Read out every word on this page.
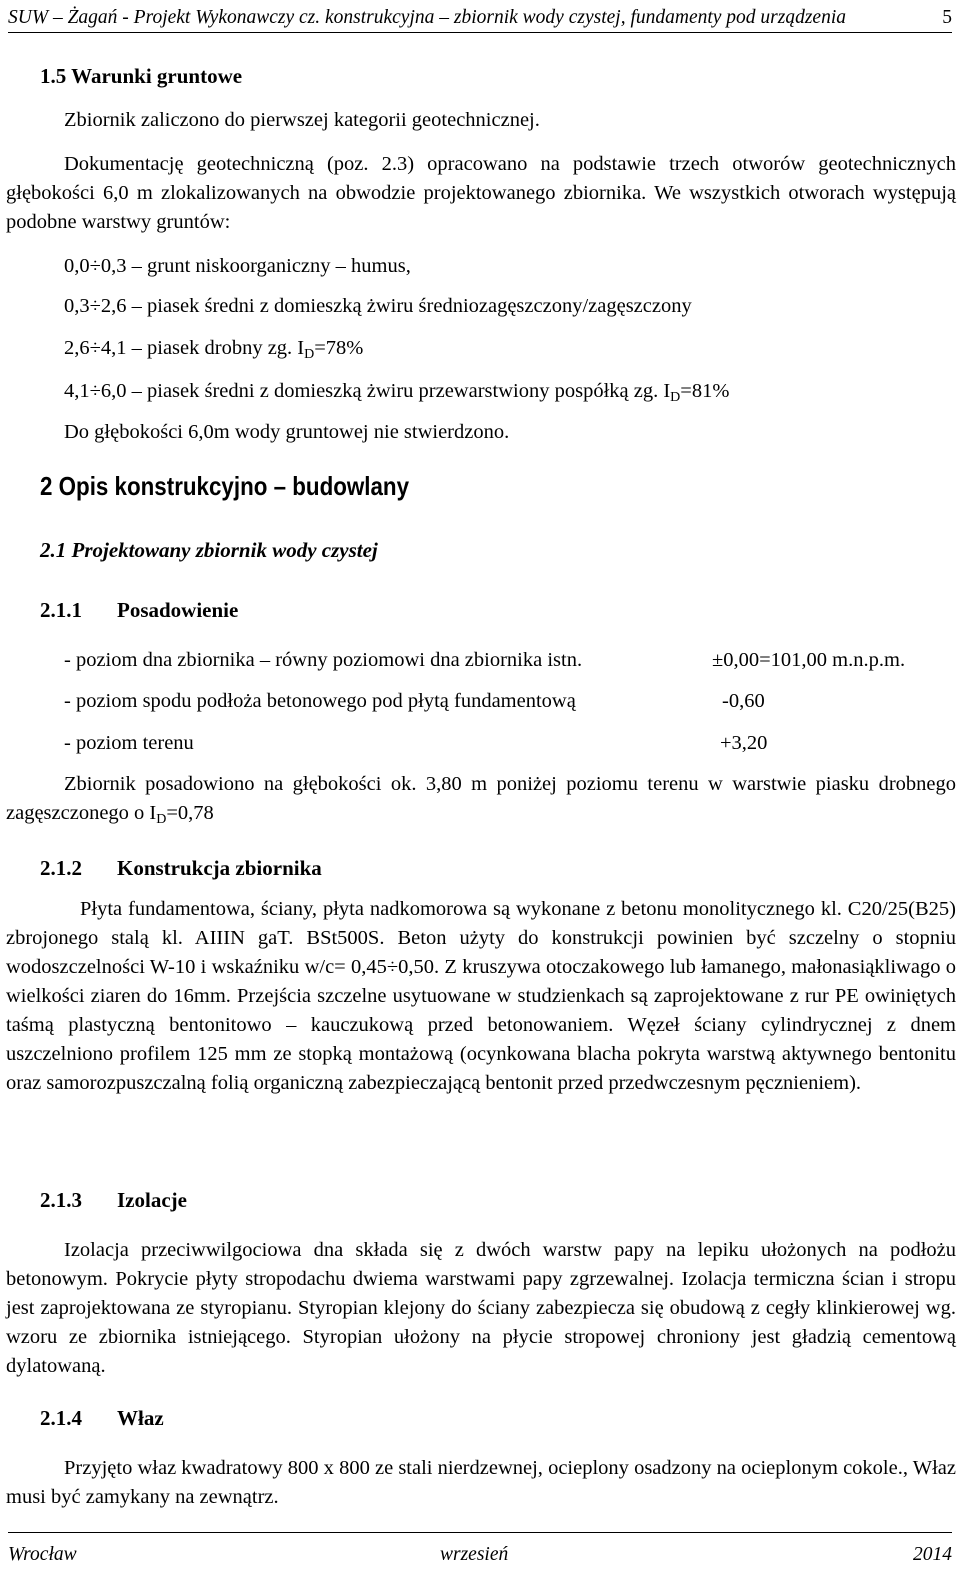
SUW – Żagań - Projekt Wykonawczy cz. konstrukcyjna – zbiornik wody czystej, fundamenty pod urządzenia	5
1.5 Warunki gruntowe
Zbiornik zaliczono do pierwszej kategorii geotechnicznej.
Dokumentację geotechniczną (poz. 2.3) opracowano na podstawie trzech otworów geotechnicznych głębokości 6,0 m zlokalizowanych na obwodzie projektowanego zbiornika. We wszystkich otworach występują podobne warstwy gruntów:
0,0÷0,3 – grunt niskoorganiczny – humus,
0,3÷2,6 – piasek średni z domieszką żwiru średniozagęszczony/zagęszczony
2,6÷4,1 – piasek drobny zg. ID=78%
4,1÷6,0 – piasek średni z domieszką żwiru przewarstwiony pospółką zg. ID=81%
Do głębokości 6,0m wody gruntowej nie stwierdzono.
2 Opis konstrukcyjno – budowlany
2.1 Projektowany zbiornik wody czystej
2.1.1 Posadowienie
- poziom dna zbiornika – równy poziomowi dna zbiornika istn.	±0,00=101,00 m.n.p.m.
- poziom spodu podłoża betonowego pod płytą fundamentową	-0,60
- poziom terenu	+3,20
Zbiornik posadowiono na głębokości ok. 3,80 m poniżej poziomu terenu w warstwie piasku drobnego zagęszczonego o $I_D=0,78$
2.1.2 Konstrukcja zbiornika
Płyta fundamentowa, ściany, płyta nadkomorowa są wykonane z betonu monolitycznego kl. C20/25(B25) zbrojonego stalą kl. AIIIN gaT. BSt500S. Beton użyty do konstrukcji powinien być szczelny o stopniu wodoszczelności W-10 i wskaźniku w/c= 0,45÷0,50. Z kruszywa otoczakowego lub łamanego, małonasiąkliwago o wielkości ziaren do 16mm. Przejścia szczelne usytuowane w studzienkach są zaprojektowane z rur PE owiniętych taśmą plastyczną bentonitowo – kauczukową przed betonowaniem. Węzeł ściany cylindrycznej z dnem uszczelniono profilem 125 mm ze stopką montażową (ocynkowana blacha pokryta warstwą aktywnego bentonitu oraz samorozpuszczalną folią organiczną zabezpieczającą bentonit przed przedwczesnym pęcznieniem).
2.1.3 Izolacje
Izolacja przeciwwilgociowa dna składa się z dwóch warstw papy na lepiku ułożonych na podłożu betonowym. Pokrycie płyty stropodachu dwiema warstwami papy zgrzewalnej. Izolacja termiczna ścian i stropu jest zaprojektowana ze styropianu. Styropian klejony do ściany zabezpiecza się obudową z cegły klinkierowej wg. wzoru ze zbiornika istniejącego. Styropian ułożony na płycie stropowej chroniony jest gładzią cementową dylatowaną.
2.1.4 Właz
Przyjęto właz kwadratowy 800 x 800 ze stali nierdzewnej, ocieplony osadzony na ocieplonym cokole., Właz musi być zamykany na zewnątrz.
Wrocław	wrzesień	2014
